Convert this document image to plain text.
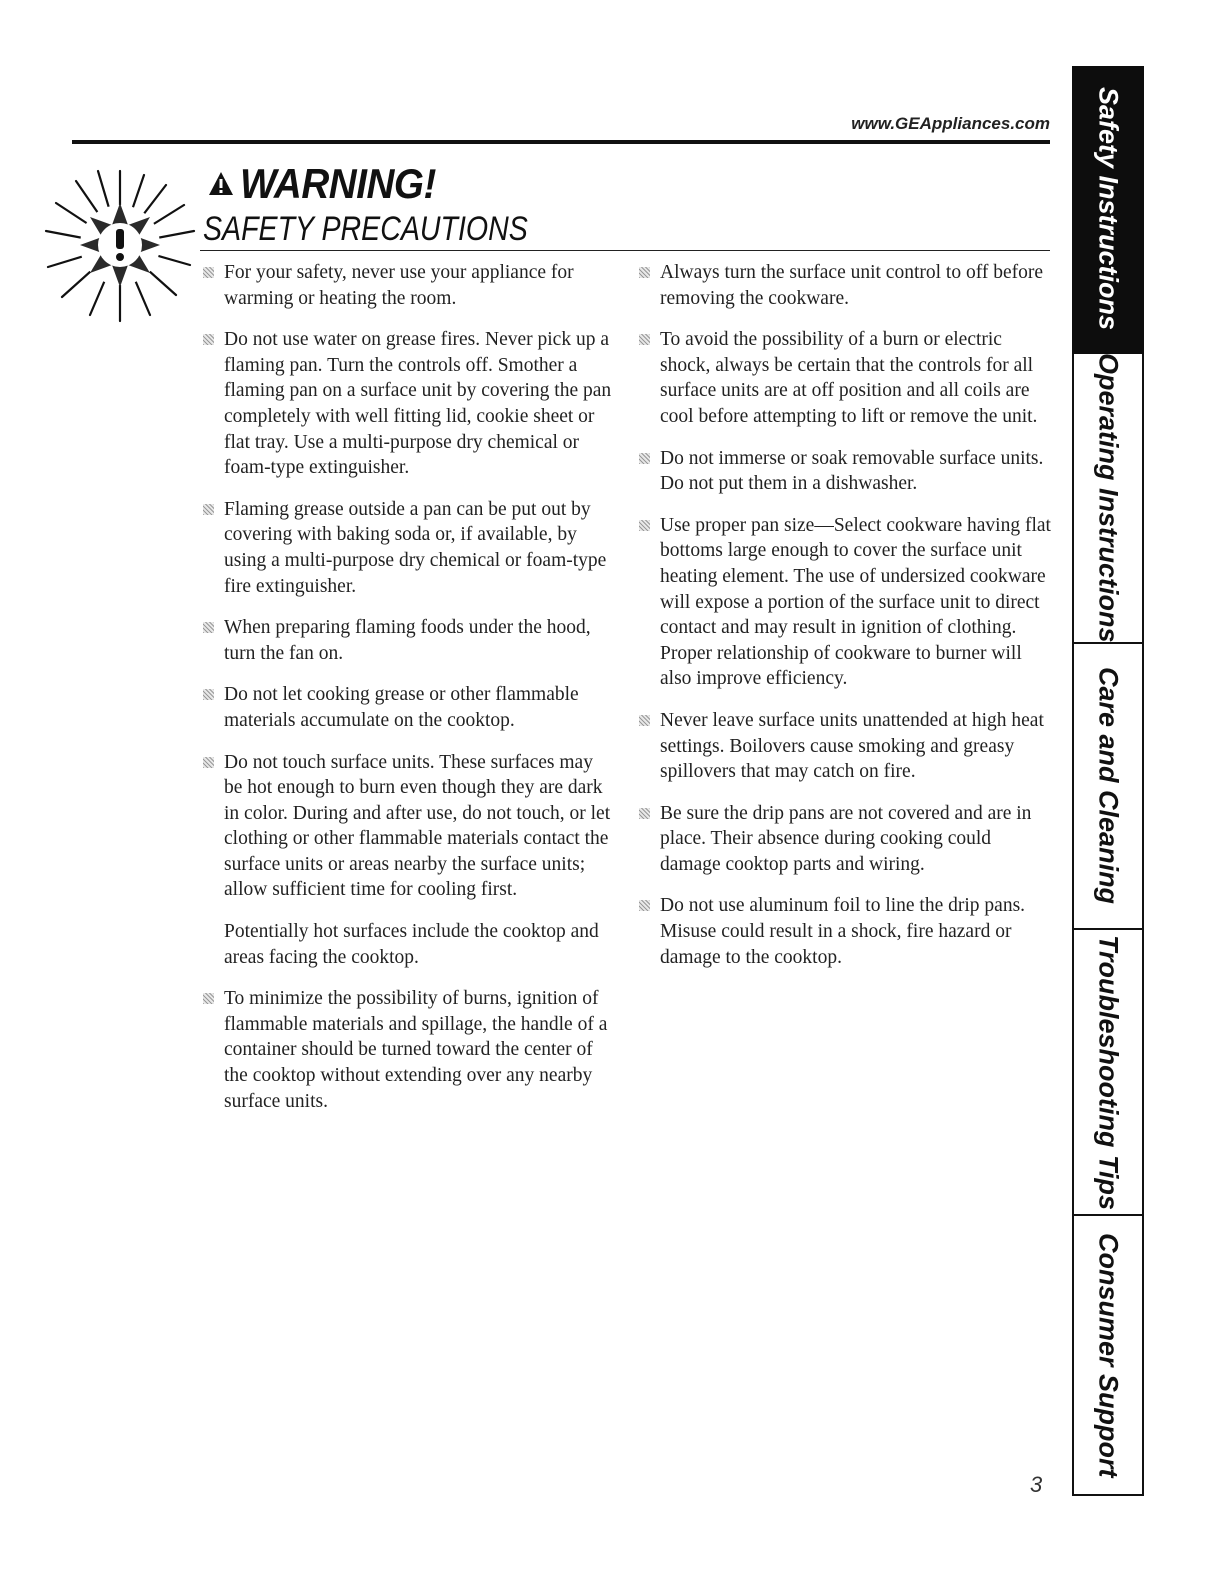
www.GEAppliances.com
WARNING!
SAFETY PRECAUTIONS
For your safety, never use your appliance for warming or heating the room.
Do not use water on grease fires. Never pick up a flaming pan. Turn the controls off. Smother a flaming pan on a surface unit by covering the pan completely with well fitting lid, cookie sheet or flat tray. Use a multi-purpose dry chemical or foam-type extinguisher.
Flaming grease outside a pan can be put out by covering with baking soda or, if available, by using a multi-purpose dry chemical or foam-type fire extinguisher.
When preparing flaming foods under the hood, turn the fan on.
Do not let cooking grease or other flammable materials accumulate on the cooktop.
Do not touch surface units. These surfaces may be hot enough to burn even though they are dark in color. During and after use, do not touch, or let clothing or other flammable materials contact the surface units or areas nearby the surface units; allow sufficient time for cooling first.
Potentially hot surfaces include the cooktop and areas facing the cooktop.
To minimize the possibility of burns, ignition of flammable materials and spillage, the handle of a container should be turned toward the center of the cooktop without extending over any nearby surface units.
Always turn the surface unit control to off before removing the cookware.
To avoid the possibility of a burn or electric shock, always be certain that the controls for all surface units are at off position and all coils are cool before attempting to lift or remove the unit.
Do not immerse or soak removable surface units. Do not put them in a dishwasher.
Use proper pan size—Select cookware having flat bottoms large enough to cover the surface unit heating element. The use of undersized cookware will expose a portion of the surface unit to direct contact and may result in ignition of clothing. Proper relationship of cookware to burner will also improve efficiency.
Never leave surface units unattended at high heat settings. Boilovers cause smoking and greasy spillovers that may catch on fire.
Be sure the drip pans are not covered and are in place. Their absence during cooking could damage cooktop parts and wiring.
Do not use aluminum foil to line the drip pans. Misuse could result in a shock, fire hazard or damage to the cooktop.
Safety Instructions
Operating Instructions
Care and Cleaning
Troubleshooting Tips
Consumer Support
3
